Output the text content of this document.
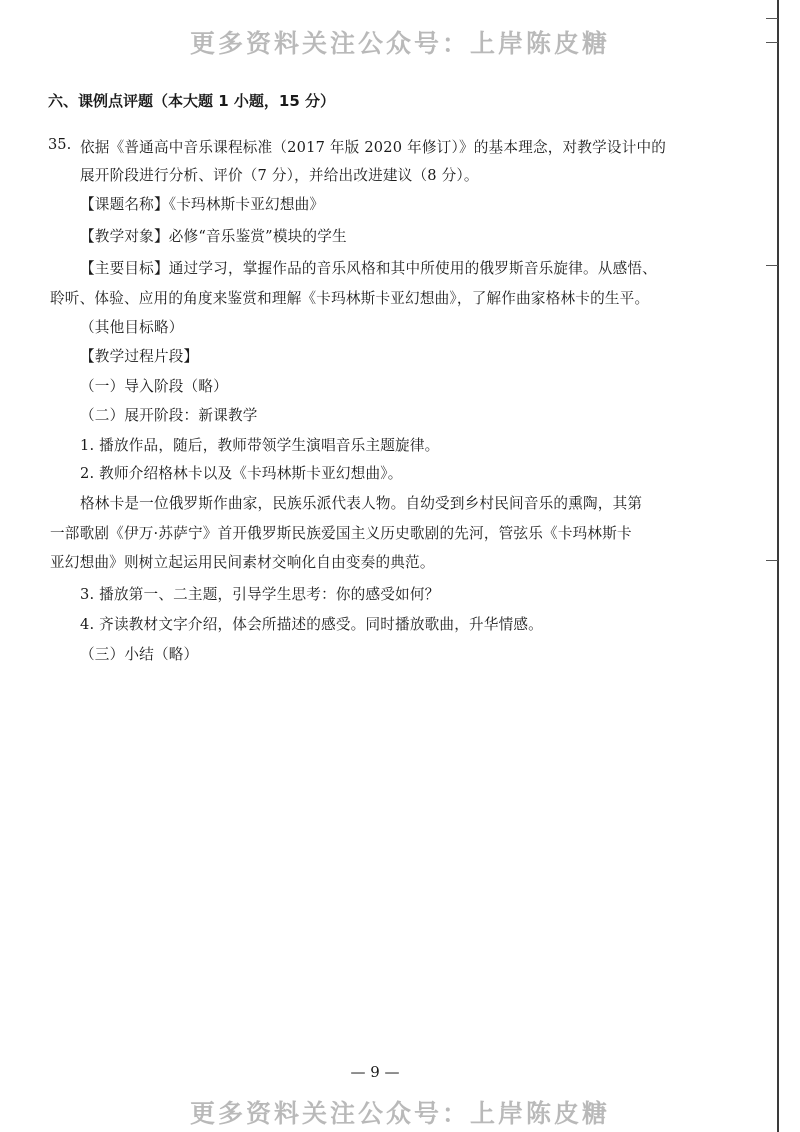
更多资料关注公众号：上岸陈皮糖
六、课例点评题（本大题 1 小题，15 分）
35. 依据《普通高中音乐课程标准（2017 年版 2020 年修订）》的基本理念，对教学设计中的
展开阶段进行分析、评价（7 分），并给出改进建议（8 分）。
【课题名称】《卡玛林斯卡亚幻想曲》
【教学对象】必修“音乐鉴赏”模块的学生
【主要目标】通过学习，掌握作品的音乐风格和其中所使用的俄罗斯音乐旋律。从感悟、
聆听、体验、应用的角度来鉴赏和理解《卡玛林斯卡亚幻想曲》，了解作曲家格林卡的生平。
（其他目标略）
【教学过程片段】
（一）导入阶段（略）
（二）展开阶段：新课教学
1. 播放作品，随后，教师带领学生演唱音乐主题旋律。
2. 教师介绍格林卡以及《卡玛林斯卡亚幻想曲》。
格林卡是一位俄罗斯作曲家，民族乐派代表人物。自幼受到乡村民间音乐的熏陶，其第
一部歌剧《伊万·苏萨宁》首开俄罗斯民族爱国主义历史歌剧的先河，管弦乐《卡玛林斯卡
亚幻想曲》则树立起运用民间素材交响化自由变奏的典范。
3. 播放第一、二主题，引导学生思考：你的感受如何？
4. 齐读教材文字介绍，体会所描述的感受。同时播放歌曲，升华情感。
（三）小结（略）
— 9 —
更多资料关注公众号：上岸陈皮糖
